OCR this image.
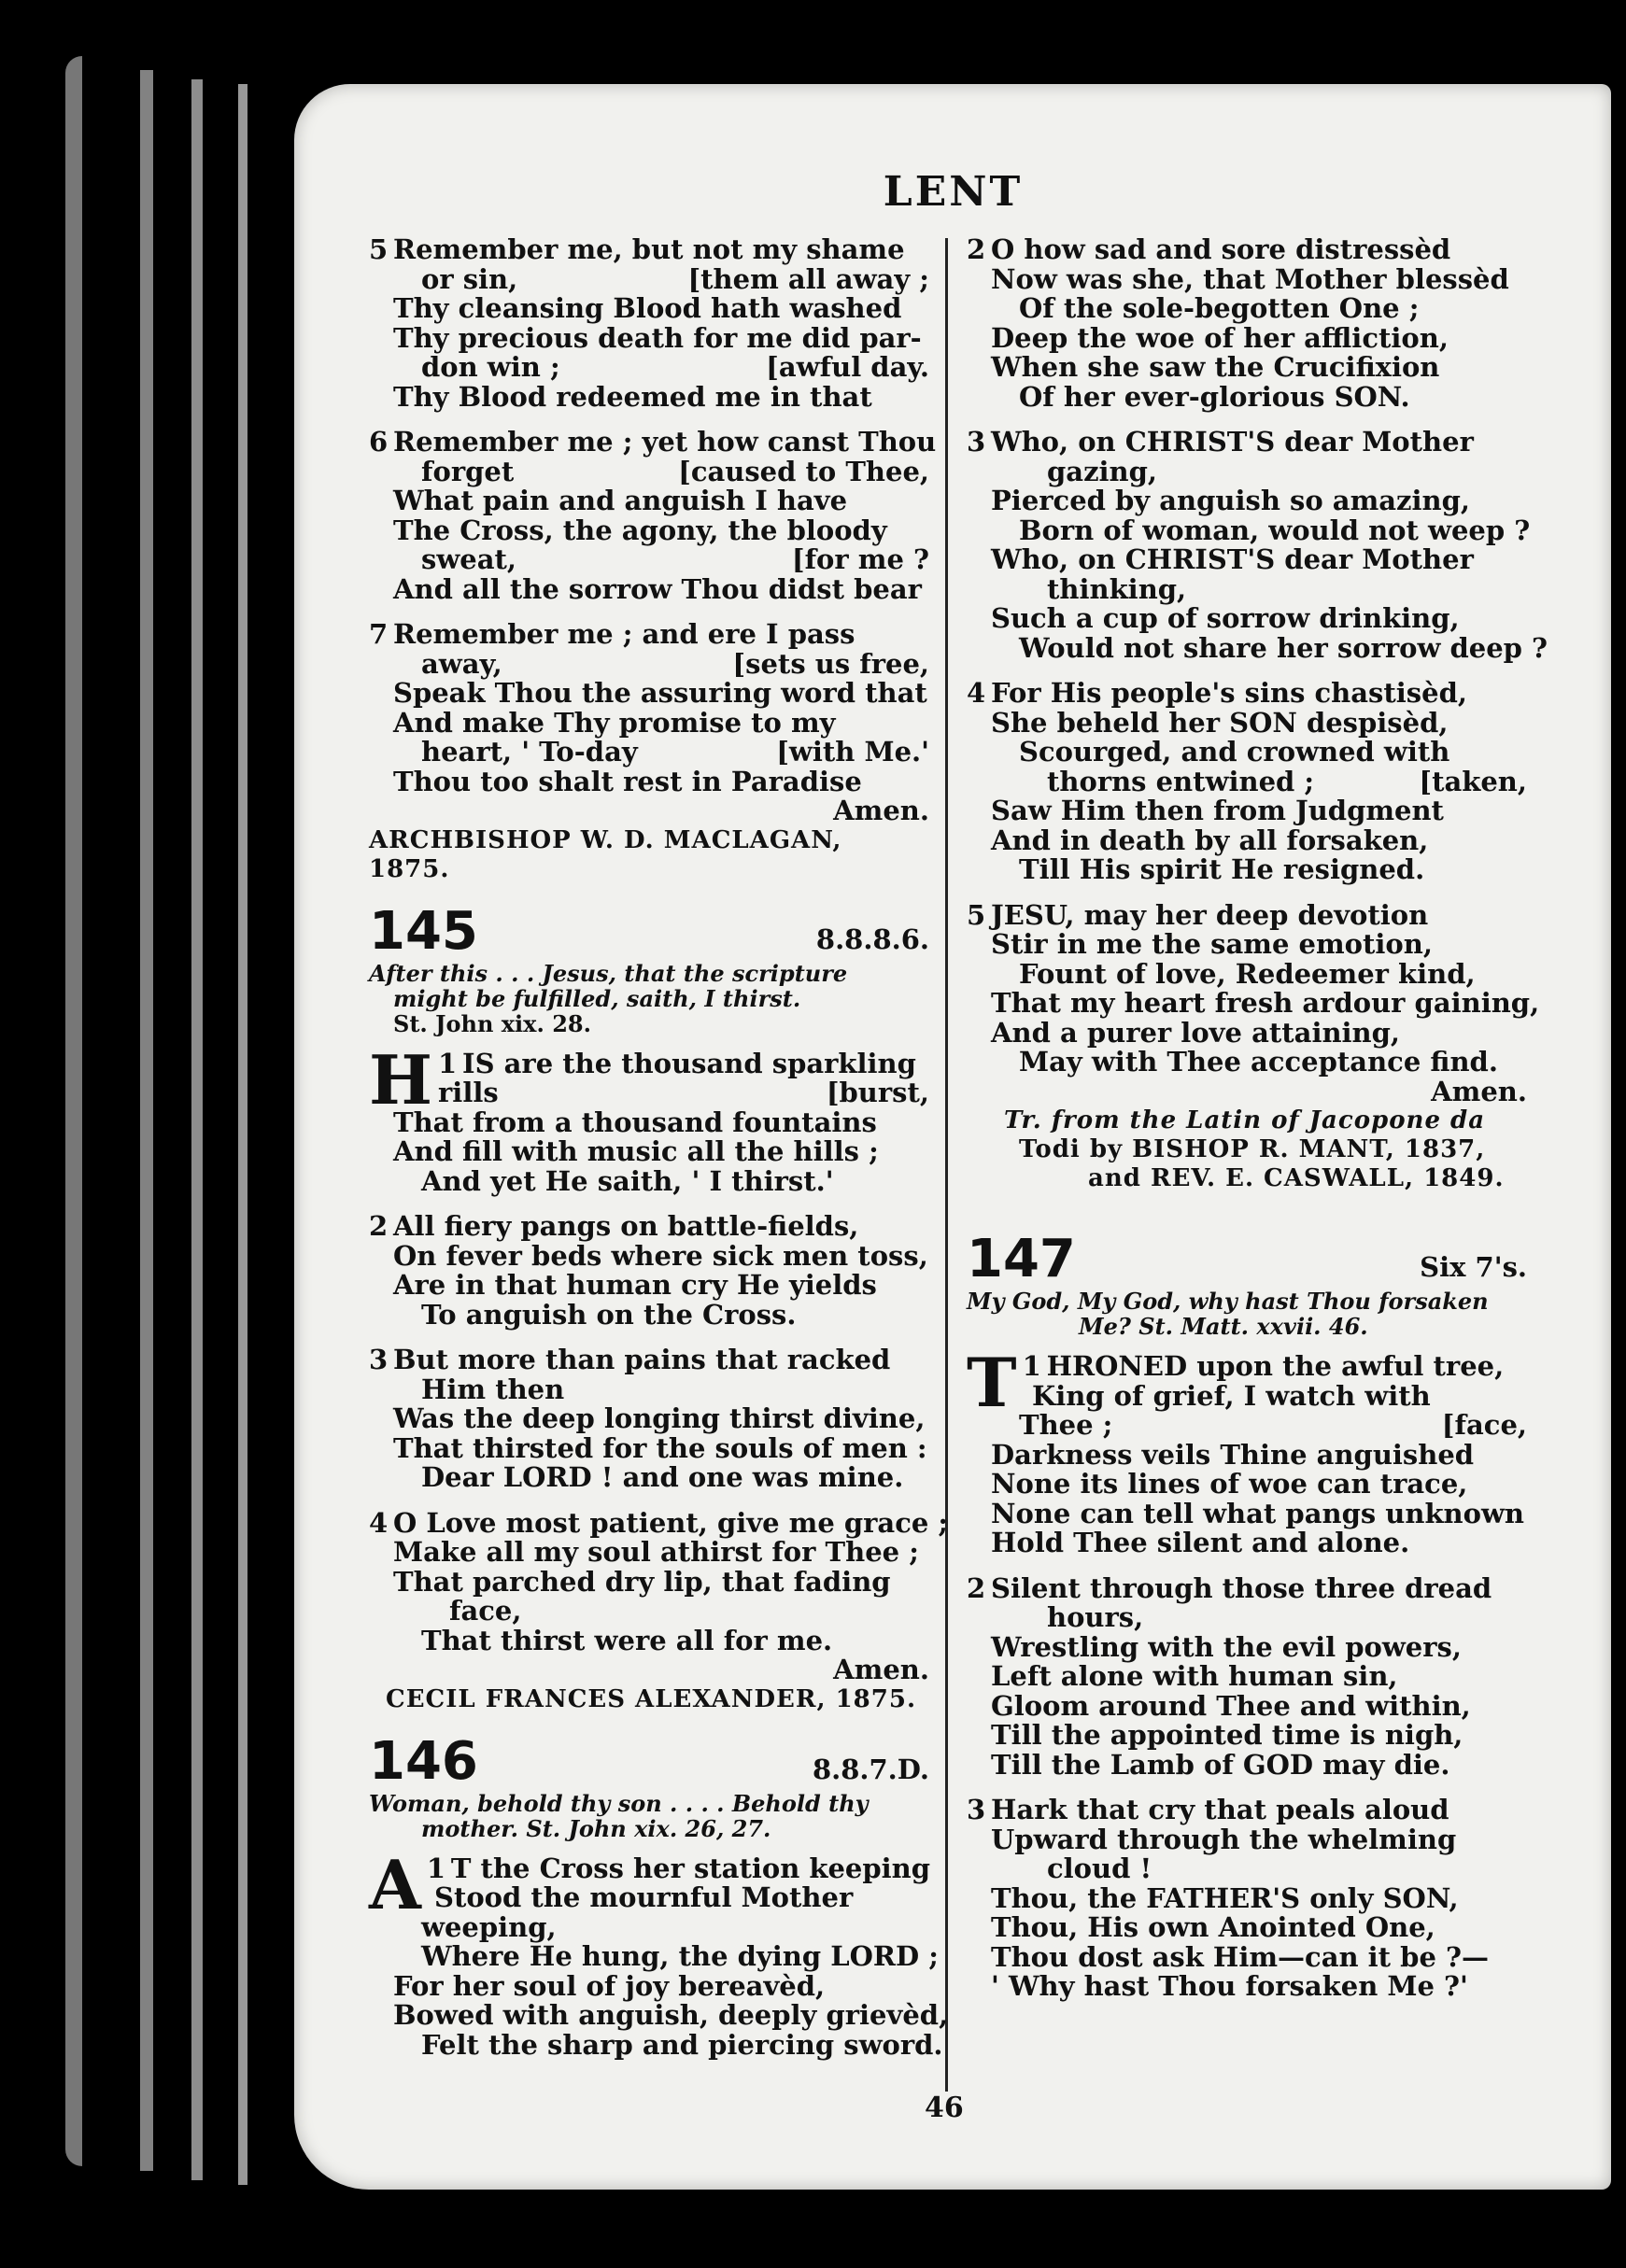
LENT
5 Remember me, but not my shame
or sin,	[them all away ;
Thy cleansing Blood hath washed
Thy precious death for me did par-
don win ;	[awful day.
Thy Blood redeemed me in that
6 Remember me ; yet how canst Thou
forget	[caused to Thee,
What pain and anguish I have
The Cross, the agony, the bloody
sweat,	[for me ?
And all the sorrow Thou didst bear
7 Remember me ; and ere I pass
away,	[sets us free,
Speak Thou the assuring word that
And make Thy promise to my
heart, ' To-day	[with Me.'
Thou too shalt rest in Paradise
Amen.
ARCHBISHOP W. D. MACLAGAN, 1875.
145	8.8.8.6.
After this . . . Jesus, that the scripture
might be fulfilled, saith, I thirst.
St. John xix. 28.
1
H IS are the thousand sparkling
rills	[burst,
That from a thousand fountains
And fill with music all the hills ;
And yet He saith, ' I thirst.'
2 All fiery pangs on battle-fields,
On fever beds where sick men toss,
Are in that human cry He yields
To anguish on the Cross.
3 But more than pains that racked
Him then
Was the deep longing thirst divine,
That thirsted for the souls of men :
Dear LORD ! and one was mine.
4 O Love most patient, give me grace ;
Make all my soul athirst for Thee ;
That parched dry lip, that fading
face,
That thirst were all for me.
Amen.
CECIL FRANCES ALEXANDER, 1875.
146	8.8.7.D.
Woman, behold thy son . . . . Behold thy
mother. St. John xix. 26, 27.
1
A T the Cross her station keeping
Stood the mournful Mother
weeping,
Where He hung, the dying LORD ;
For her soul of joy bereavèd,
Bowed with anguish, deeply grievèd,
Felt the sharp and piercing sword.
2 O how sad and sore distressèd
Now was she, that Mother blessèd
Of the sole-begotten One ;
Deep the woe of her affliction,
When she saw the Crucifixion
Of her ever-glorious SON.
3 Who, on CHRIST'S dear Mother
gazing,
Pierced by anguish so amazing,
Born of woman, would not weep ?
Who, on CHRIST'S dear Mother
thinking,
Such a cup of sorrow drinking,
Would not share her sorrow deep ?
4 For His people's sins chastisèd,
She beheld her SON despisèd,
Scourged, and crowned with
thorns entwined ;	[taken,
Saw Him then from Judgment
And in death by all forsaken,
Till His spirit He resigned.
5 JESU, may her deep devotion
Stir in me the same emotion,
Fount of love, Redeemer kind,
That my heart fresh ardour gaining,
And a purer love attaining,
May with Thee acceptance find.
Amen.
Tr. from the Latin of Jacopone da
Todi by BISHOP R. MANT, 1837,
and REV. E. CASWALL, 1849.
147	Six 7's.
My God, My God, why hast Thou forsaken
Me? St. Matt. xxvii. 46.
1
T HRONED upon the awful tree,
King of grief, I watch with
Thee ;	[face,
Darkness veils Thine anguished
None its lines of woe can trace,
None can tell what pangs unknown
Hold Thee silent and alone.
2 Silent through those three dread
hours,
Wrestling with the evil powers,
Left alone with human sin,
Gloom around Thee and within,
Till the appointed time is nigh,
Till the Lamb of GOD may die.
3 Hark that cry that peals aloud
Upward through the whelming
cloud !
Thou, the FATHER'S only SON,
Thou, His own Anointed One,
Thou dost ask Him—can it be ?—
' Why hast Thou forsaken Me ?'
46
